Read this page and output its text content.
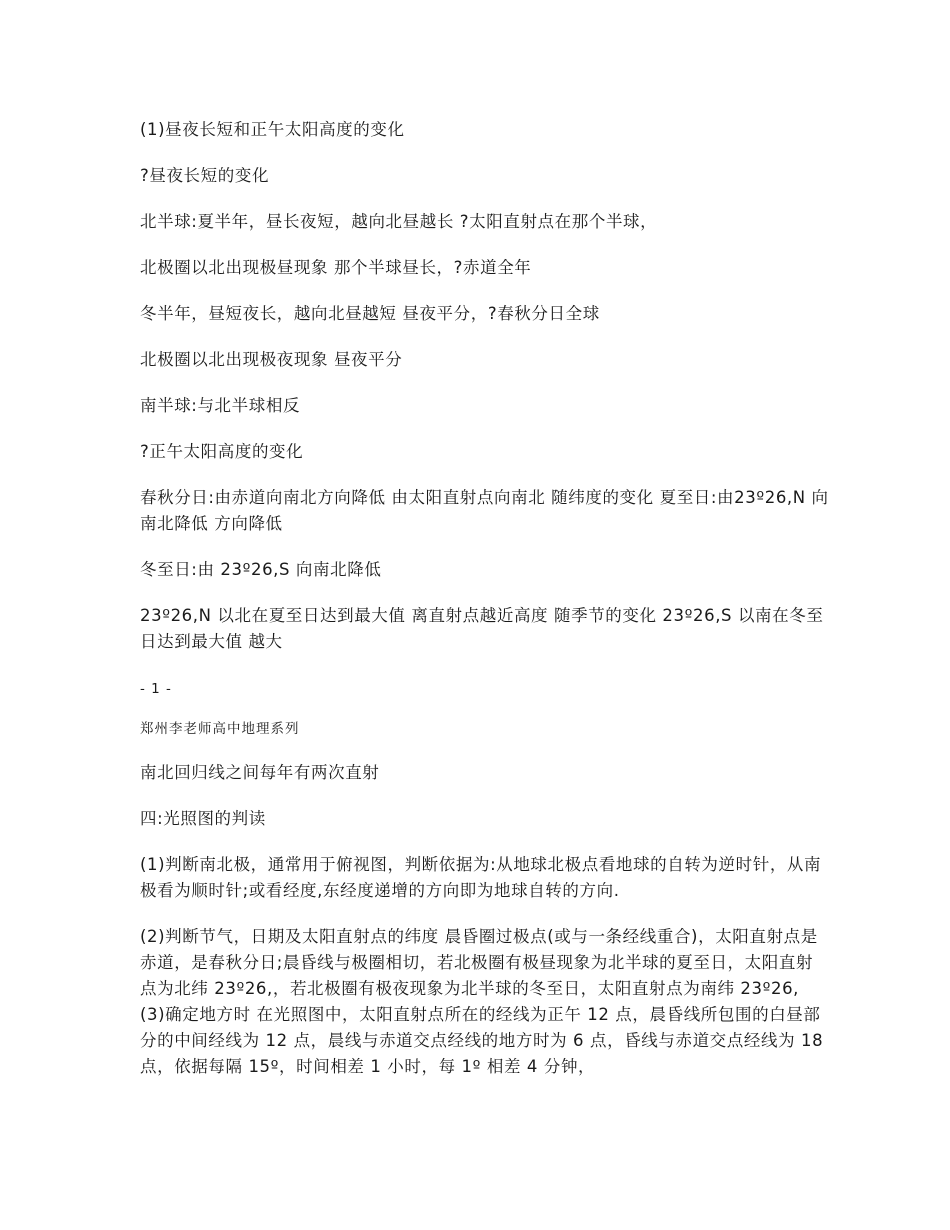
(1)昼夜长短和正午太阳高度的变化

?昼夜长短的变化

北半球:夏半年，昼长夜短，越向北昼越长 ?太阳直射点在那个半球，

北极圈以北出现极昼现象 那个半球昼长，?赤道全年

冬半年，昼短夜长，越向北昼越短 昼夜平分，?春秋分日全球

北极圈以北出现极夜现象 昼夜平分

南半球:与北半球相反

?正午太阳高度的变化

春秋分日:由赤道向南北方向降低 由太阳直射点向南北 随纬度的变化 夏至日:由23º26,N 向南北降低 方向降低

冬至日:由 23º26,S 向南北降低

23º26,N 以北在夏至日达到最大值 离直射点越近高度 随季节的变化 23º26,S 以南在冬至日达到最大值 越大

- 1 -

郑州李老师高中地理系列

南北回归线之间每年有两次直射

四:光照图的判读

(1)判断南北极，通常用于俯视图，判断依据为:从地球北极点看地球的自转为逆时针，从南极看为顺时针;或看经度,东经度递增的方向即为地球自转的方向.

(2)判断节气，日期及太阳直射点的纬度 晨昏圈过极点(或与一条经线重合)，太阳直射点是赤道，是春秋分日;晨昏线与极圈相切，若北极圈有极昼现象为北半球的夏至日，太阳直射点为北纬 23º26,，若北极圈有极夜现象为北半球的冬至日，太阳直射点为南纬 23º26, (3)确定地方时 在光照图中，太阳直射点所在的经线为正午 12 点，晨昏线所包围的白昼部分的中间经线为 12 点，晨线与赤道交点经线的地方时为 6 点，昏线与赤道交点经线为 18 点，依据每隔 15º，时间相差 1 小时，每 1º 相差 4 分钟，
